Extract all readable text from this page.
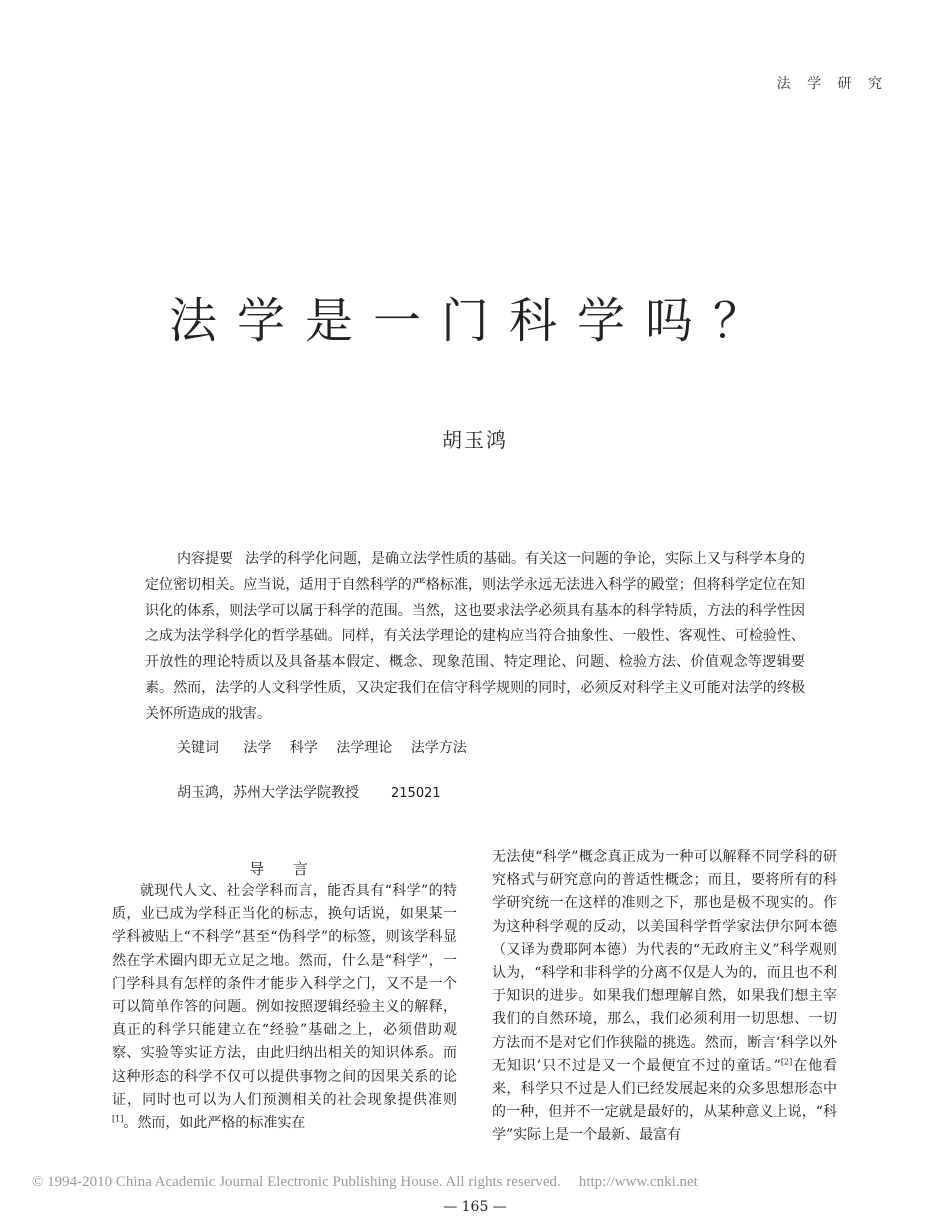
法 学 研 究
法学是一门科学吗？
胡玉鸿

内容提要 法学的科学化问题，是确立法学性质的基础。有关这一问题的争论，实际上又与科学本身的定位密切相关。应当说，适用于自然科学的严格标准，则法学永远无法进入科学的殿堂；但将科学定位在知识化的体系，则法学可以属于科学的范围。当然，这也要求法学必须具有基本的科学特质，方法的科学性因之成为法学科学化的哲学基础。同样，有关法学理论的建构应当符合抽象性、一般性、客观性、可检验性、开放性的理论特质以及具备基本假定、概念、现象范围、特定理论、问题、检验方法、价值观念等逻辑要素。然而，法学的人文科学性质，又决定我们在信守科学规则的同时，必须反对科学主义可能对法学的终极关怀所造成的戕害。

关键词 法学 科学 法学理论 法学方法
胡玉鸿，苏州大学法学院教授 215021
导 言

就现代人文、社会学科而言，能否具有“科学”的特质，业已成为学科正当化的标志，换句话说，如果某一学科被贴上“不科学”甚至“伪科学”的标签，则该学科显然在学术圈内即无立足之地。然而，什么是“科学”，一门学科具有怎样的条件才能步入科学之门，又不是一个可以简单作答的问题。例如按照逻辑经验主义的解释，真正的科学只能建立在“经验”基础之上，必须借助观察、实验等实证方法，由此归纳出相关的知识体系。而这种形态的科学不仅可以提供事物之间的因果关系的论证，同时也可以为人们预测相关的社会现象提供准则[1]。然而，如此严格的标准实在

无法使“科学”概念真正成为一种可以解释不同学科的研究格式与研究意向的普适性概念；而且，要将所有的科学研究统一在这样的准则之下，那也是极不现实的。作为这种科学观的反动，以美国科学哲学家法伊尔阿本德（又译为费耶阿本德）为代表的“无政府主义”科学观则认为，“科学和非科学的分离不仅是人为的，而且也不利于知识的进步。如果我们想理解自然，如果我们想主宰我们的自然环境，那么，我们必须利用一切思想、一切方法而不是对它们作狭隘的挑选。然而，断言‘科学以外无知识’只不过是又一个最便宜不过的童话。”[2]在他看来，科学只不过是人们已经发展起来的众多思想形态中的一种，但并不一定就是最好的，从某种意义上说，“科学”实际上是一个最新、最富有

© 1994-2010 China Academic Journal Electronic Publishing House. All rights reserved. http://www.cnki.net
— 165 —
